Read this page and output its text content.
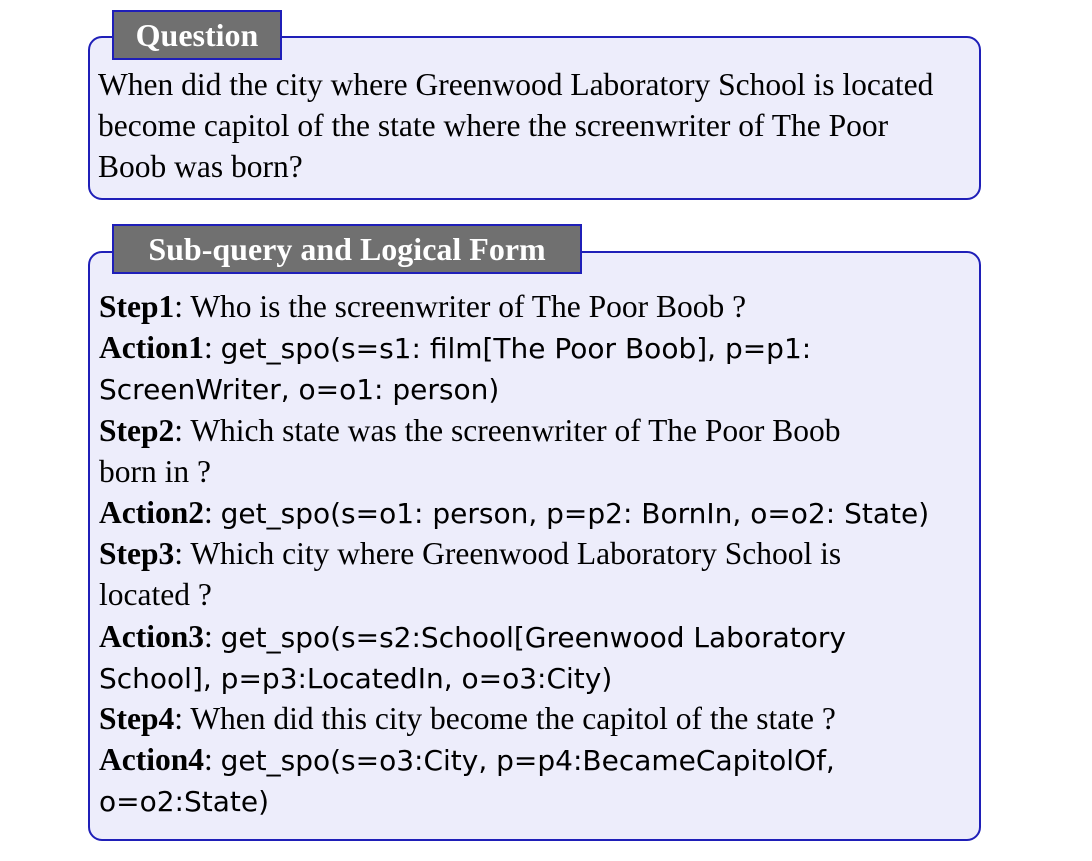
When did the city where Greenwood Laboratory School is located become capitol of the state where the screenwriter of The Poor Boob was born?

Question
Step1: Who is the screenwriter of The Poor Boob ?
Action1: get_spo(s=s1: film[The Poor Boob], p=p1:
ScreenWriter, o=o1: person)
Step2: Which state was the screenwriter of The Poor Boob
born in ?
Action2: get_spo(s=o1: person, p=p2: BornIn, o=o2: State)
Step3: Which city where Greenwood Laboratory School is
located ?
Action3: get_spo(s=s2:School[Greenwood Laboratory
School], p=p3:LocatedIn, o=o3:City)
Step4: When did this city become the capitol of the state ?
Action4: get_spo(s=o3:City, p=p4:BecameCapitolOf,
o=o2:State)
Sub-query and Logical Form
